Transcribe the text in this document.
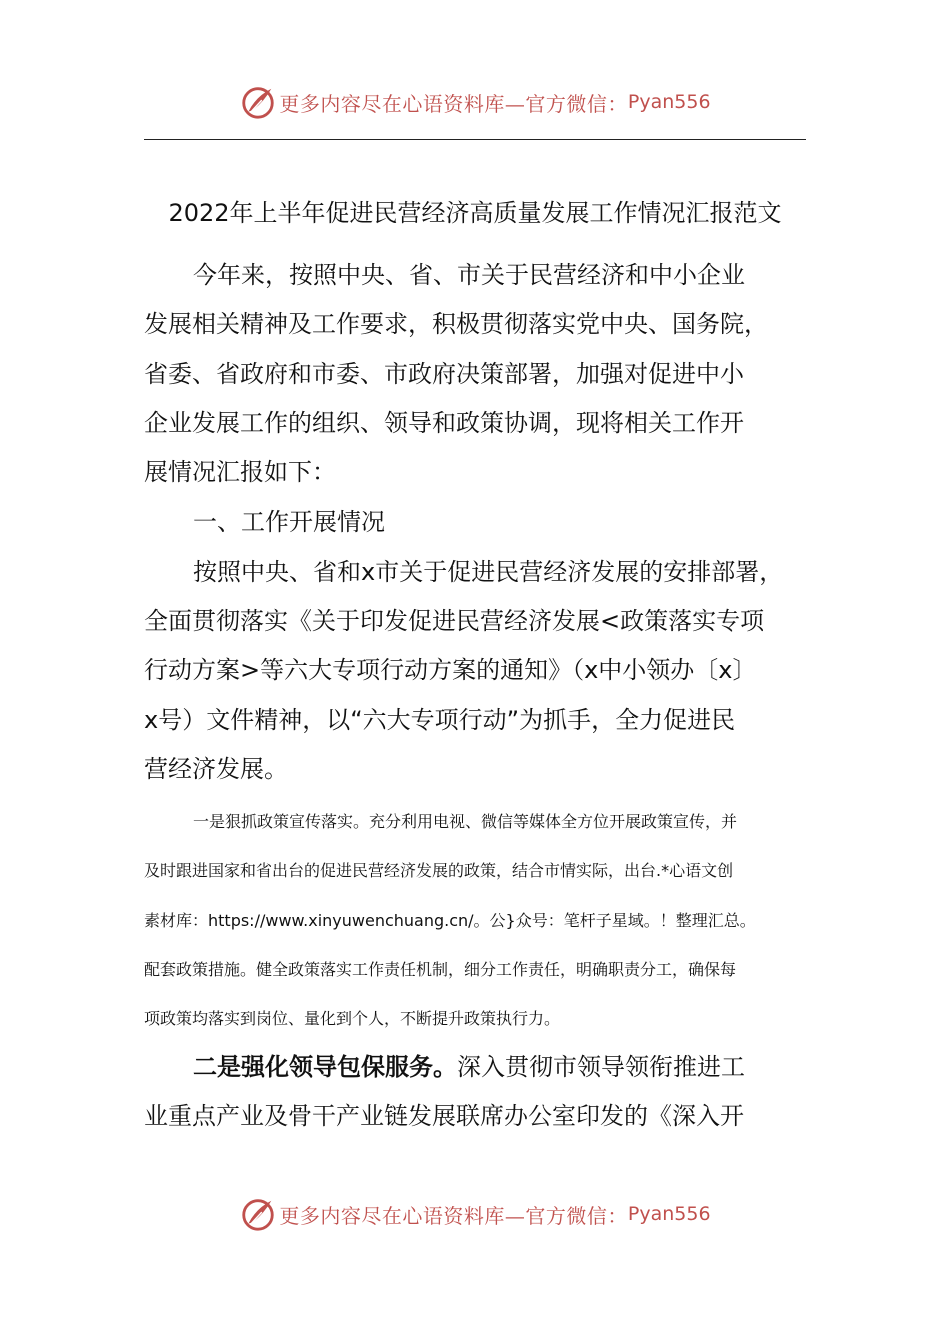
更多内容尽在心语资料库—官方微信： Pyan556
2022年上半年促进民营经济高质量发展工作情况汇报范文
今年来，按照中央、省、市关于民营经济和中小企业
发展相关精神及工作要求，积极贯彻落实党中央、国务院，
省委、省政府和市委、市政府决策部署，加强对促进中小
企业发展工作的组织、领导和政策协调，现将相关工作开
展情况汇报如下：
一、工作开展情况
按照中央、省和x市关于促进民营经济发展的安排部署，
全面贯彻落实《关于印发促进民营经济发展<政策落实专项
行动方案>等六大专项行动方案的通知》（x中小领办〔x〕
x号）文件精神，以“六大专项行动”为抓手，全力促进民
营经济发展。
一是狠抓政策宣传落实。充分利用电视、微信等媒体全方位开展政策宣传，并
及时跟进国家和省出台的促进民营经济发展的政策，结合市情实际，出台.*心语文创
素材库：https://www.xinyuwenchuang.cn/。公}众号：笔杆子星域。！整理汇总。
配套政策措施。健全政策落实工作责任机制，细分工作责任，明确职责分工，确保每
项政策均落实到岗位、量化到个人，不断提升政策执行力。
二是强化领导包保服务。深入贯彻市领导领衔推进工
业重点产业及骨干产业链发展联席办公室印发的《深入开
更多内容尽在心语资料库—官方微信： Pyan556
